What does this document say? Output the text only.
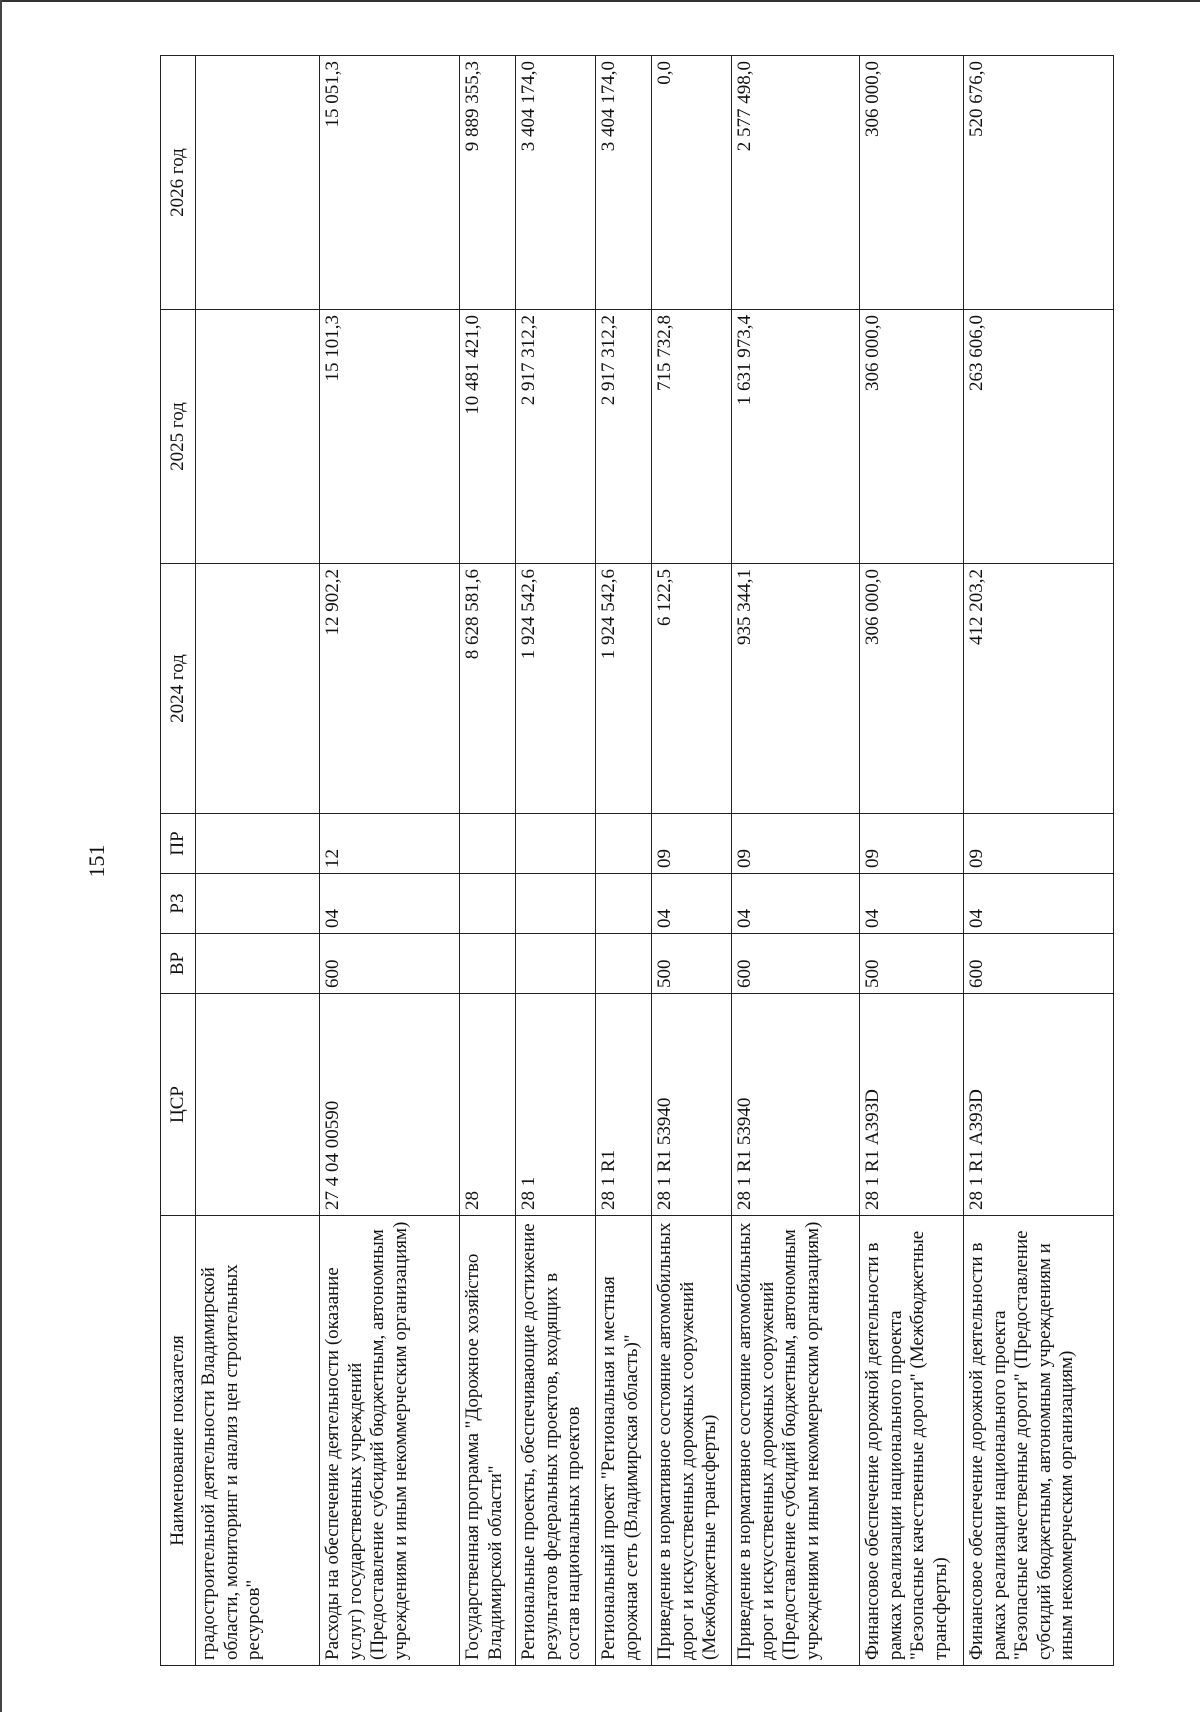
151
Наименование показателя	ЦСР	ВР	РЗ	ПР	2024 год	2025 год	2026 год
градостроительной деятельности Владимирской области, мониторинг и анализ цен строительных ресурсов"							
Расходы на обеспечение деятельности (оказание услуг) государственных учреждений (Предоставление субсидий бюджетным, автономным учреждениям и иным некоммерческим организациям)	27 4 04 00590	600	04	12	12 902,2	15 101,3	15 051,3
Государственная программа "Дорожное хозяйство Владимирской области"	28				8 628 581,6	10 481 421,0	9 889 355,3
Региональные проекты, обеспечивающие достижение результатов федеральных проектов, входящих в состав национальных проектов	28 1				1 924 542,6	2 917 312,2	3 404 174,0
Региональный проект "Региональная и местная дорожная сеть (Владимирская область)"	28 1 R1				1 924 542,6	2 917 312,2	3 404 174,0
Приведение в нормативное состояние автомобильных дорог и искусственных дорожных сооружений (Межбюджетные трансферты)	28 1 R1 53940	500	04	09	6 122,5	715 732,8	0,0
Приведение в нормативное состояние автомобильных дорог и искусственных дорожных сооружений (Предоставление субсидий бюджетным, автономным учреждениям и иным некоммерческим организациям)	28 1 R1 53940	600	04	09	935 344,1	1 631 973,4	2 577 498,0
Финансовое обеспечение дорожной деятельности в рамках реализации национального проекта "Безопасные качественные дороги" (Межбюджетные трансферты)	28 1 R1 А393D	500	04	09	306 000,0	306 000,0	306 000,0
Финансовое обеспечение дорожной деятельности в рамках реализации национального проекта "Безопасные качественные дороги" (Предоставление субсидий бюджетным, автономным учреждениям и иным некоммерческим организациям)	28 1 R1 А393D	600	04	09	412 203,2	263 606,0	520 676,0
